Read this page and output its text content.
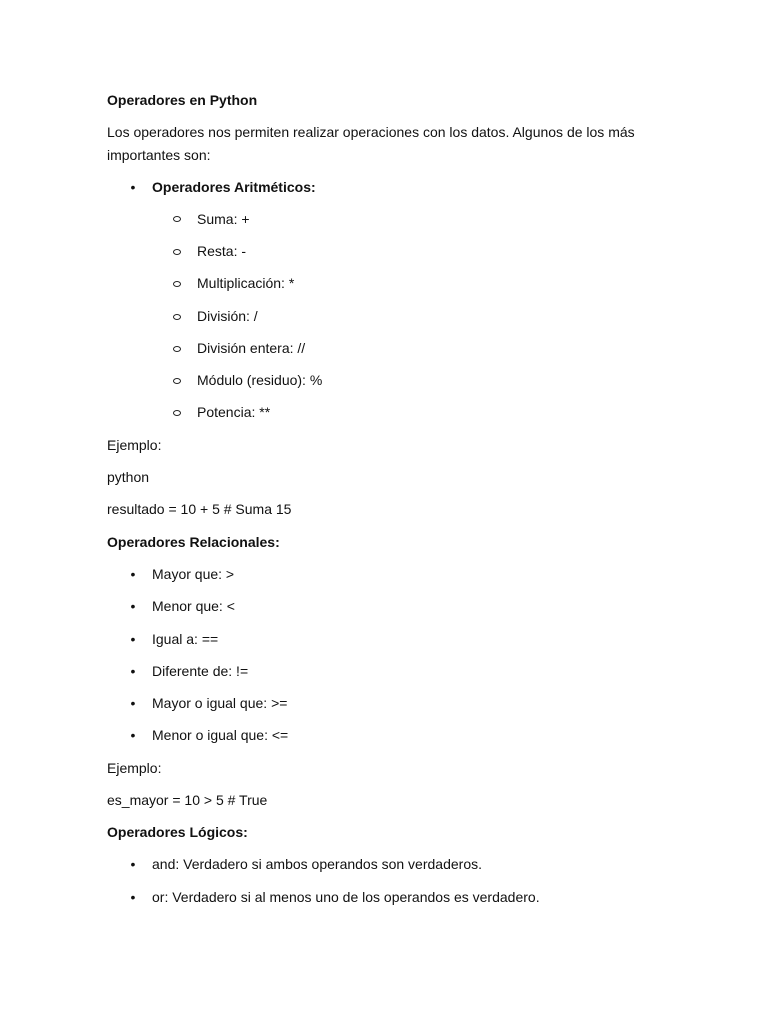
Operadores en Python
Los operadores nos permiten realizar operaciones con los datos. Algunos de los más importantes son:
• Operadores Aritméticos:
Suma: +
Resta: -
Multiplicación: *
División: /
División entera: //
Módulo (residuo): %
Potencia: **
Ejemplo:
python
resultado = 10 + 5 # Suma 15
Operadores Relacionales:
• Mayor que: >
• Menor que: <
• Igual a: ==
• Diferente de: !=
• Mayor o igual que: >=
• Menor o igual que: <=
Ejemplo:
es_mayor = 10 > 5 # True
Operadores Lógicos:
• and: Verdadero si ambos operandos son verdaderos.
• or: Verdadero si al menos uno de los operandos es verdadero.
